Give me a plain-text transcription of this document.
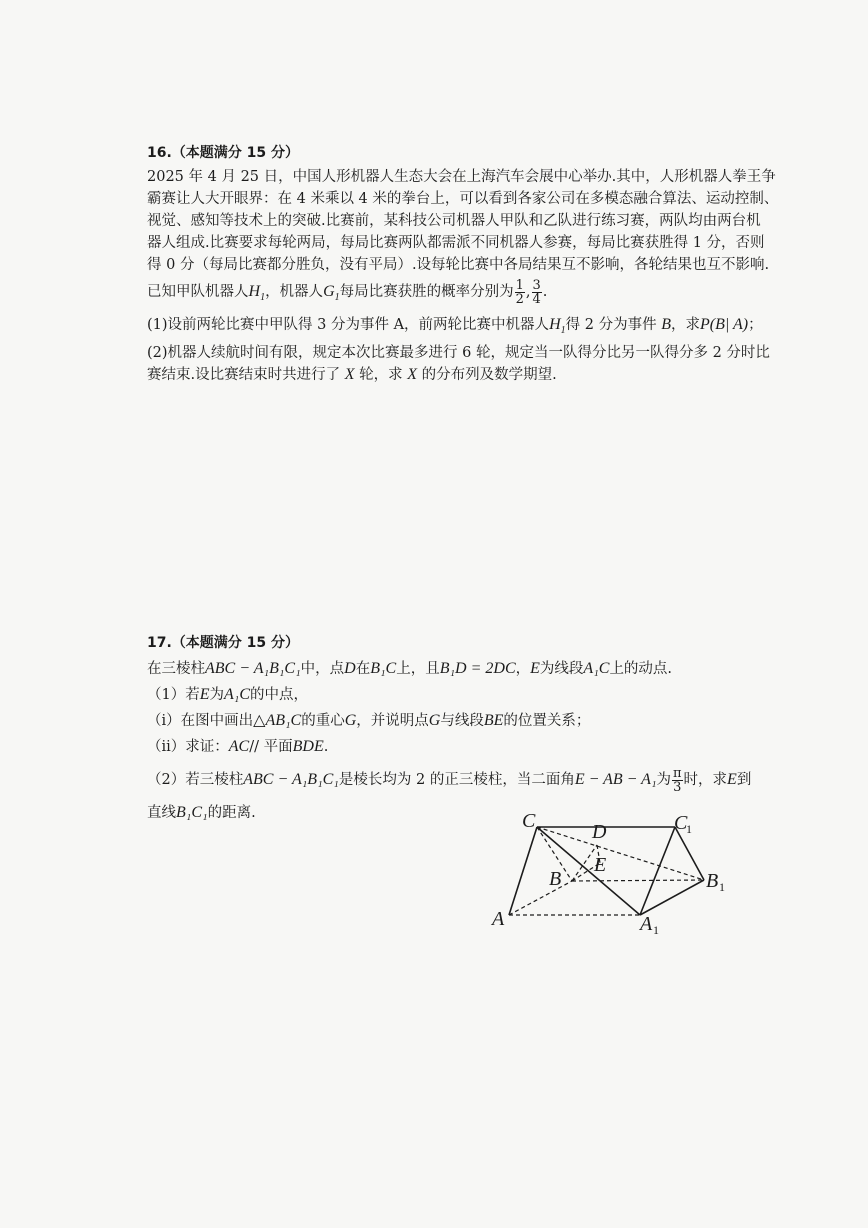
16.（本题满分 15 分）
2025 年 4 月 25 日，中国人形机器人生态大会在上海汽车会展中心举办.其中，人形机器人拳王争
霸赛让人大开眼界：在 4 米乘以 4 米的拳台上，可以看到各家公司在多模态融合算法、运动控制、
视觉、感知等技术上的突破.比赛前，某科技公司机器人甲队和乙队进行练习赛，两队均由两台机
器人组成.比赛要求每轮两局，每局比赛两队都需派不同机器人参赛，每局比赛获胜得 1 分，否则
得 0 分（每局比赛都分胜负，没有平局）.设每轮比赛中各局结果互不影响，各轮结果也互不影响.
已知甲队机器人$H_1$，机器人$G_1$每局比赛获胜的概率分别为 $\frac{1}{2}$ , $\frac{3}{4}$ .
(1)设前两轮比赛中甲队得 3 分为事件 A，前两轮比赛中机器人$H_1$得 2 分为事件 B，求P(B| A)；
(2)机器人续航时间有限，规定本次比赛最多进行 6 轮，规定当一队得分比另一队得分多 2 分时比
赛结束.设比赛结束时共进行了 X 轮，求 X 的分布列及数学期望.
17.（本题满分 15 分）
在三棱柱ABC − A₁B₁C₁中，点D在B₁C上，且B₁D = 2DC，E为线段A₁C上的动点.
（1）若E为A₁C的中点，
（i）在图中画出△AB₁C的重心G，并说明点G与线段BE的位置关系；
（ii）求证：AC// 平面BDE.
（2）若三棱柱ABC − A₁B₁C₁是棱长均为 2 的正三棱柱，当二面角E − AB − A₁为 $\frac{\pi}{3}$ 时，求E到
直线B₁C₁的距离.	C	C
1
D
B
E
B 1
A	A 1
